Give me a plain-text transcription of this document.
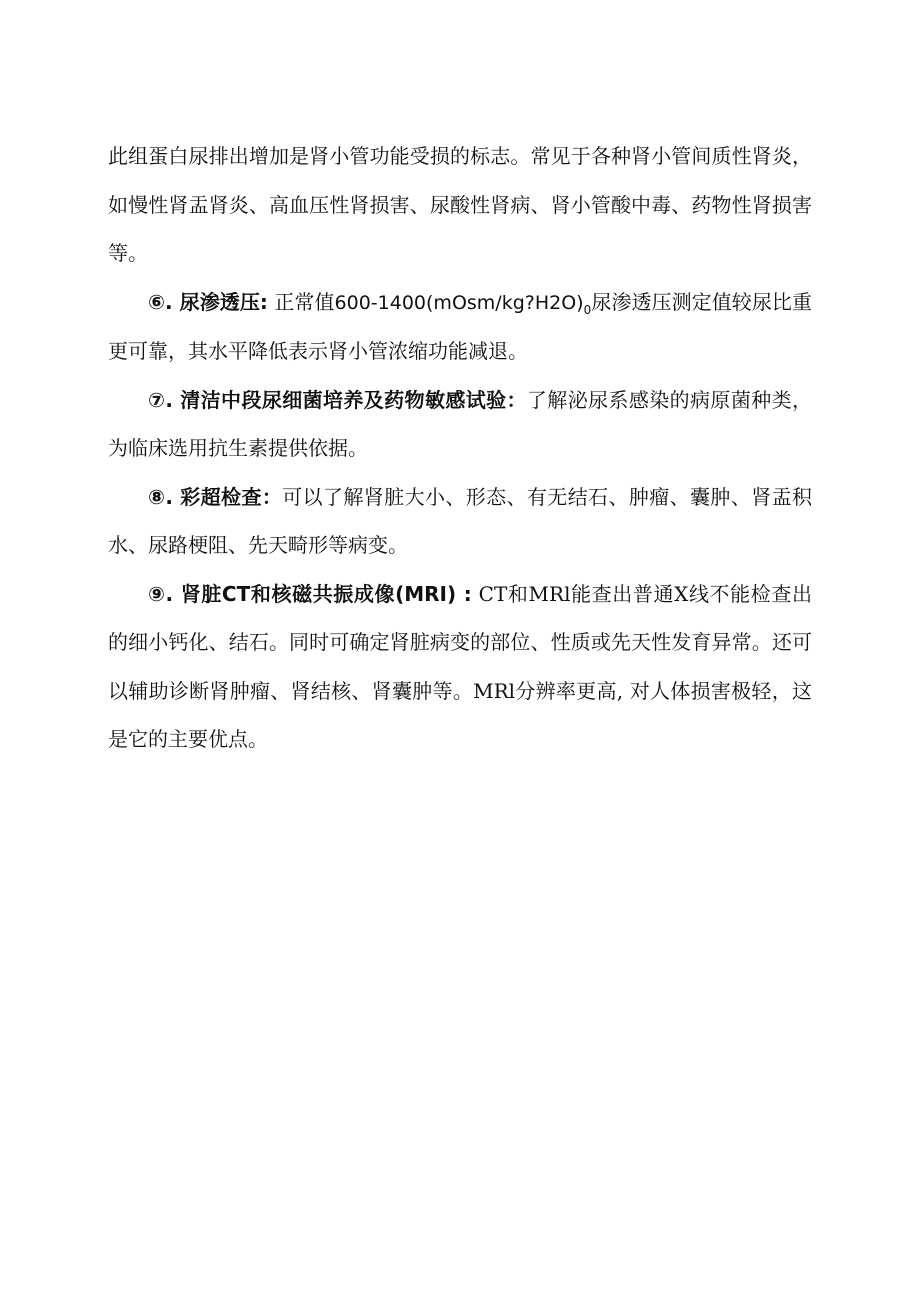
此组蛋白尿排出增加是肾小管功能受损的标志。常见于各种肾小管间质性肾炎，如慢性肾盂肾炎、高血压性肾损害、尿酸性肾病、肾小管酸中毒、药物性肾损害等。

⑥. 尿渗透压: 正常值$600-1400(mOsm/kg?H2O)_0$尿渗透压测定值较尿比重更可靠，其水平降低表示肾小管浓缩功能减退。

⑦. 清洁中段尿细菌培养及药物敏感试验：了解泌尿系感染的病原菌种类，为临床选用抗生素提供依据。

⑧. 彩超检查：可以了解肾脏大小、形态、有无结石、肿瘤、囊肿、肾盂积水、尿路梗阻、先天畸形等病变。

⑨. 肾脏CT和核磁共振成像(MRI) : CT和MRl能查出普通X线不能检查出的细小钙化、结石。同时可确定肾脏病变的部位、性质或先天性发育异常。还可以辅助诊断肾肿瘤、肾结核、肾囊肿等。MRl分辨率更高, 对人体损害极轻，这是它的主要优点。
